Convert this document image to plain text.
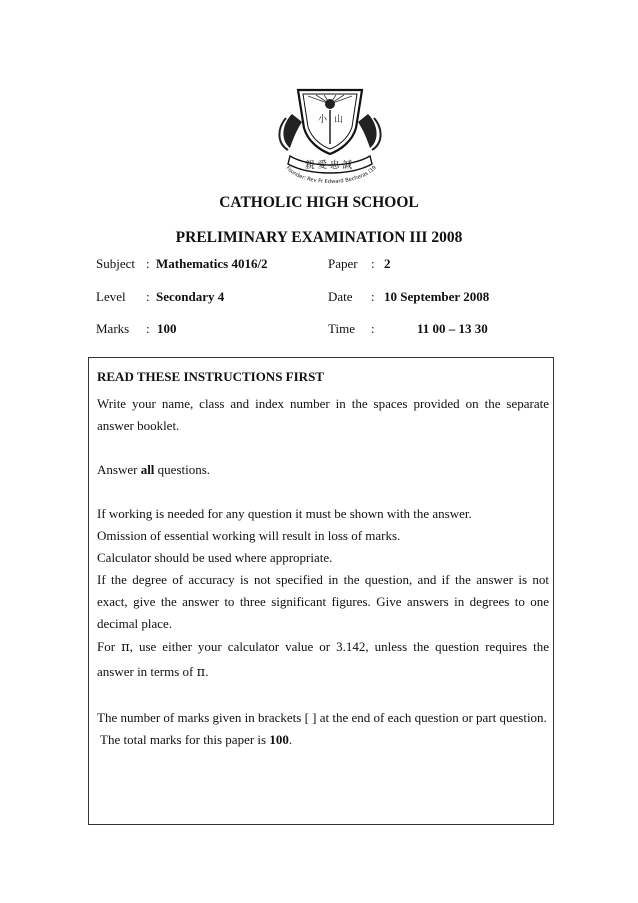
小 山
親愛忠誠
Founder: Rev Fr Edward Becheras (19
CATHOLIC HIGH SCHOOL
PRELIMINARY EXAMINATION III 2008
Subject : Mathematics 4016/2	Paper : 2
Level : Secondary 4	Date : 10 September 2008
Marks : 100	Time :	11 00 – 13 30

READ THESE INSTRUCTIONS FIRST

Write your name, class and index number in the spaces provided on the separate answer booklet.

Answer all questions.

If working is needed for any question it must be shown with the answer.

Omission of essential working will result in loss of marks.

Calculator should be used where appropriate.

If the degree of accuracy is not specified in the question, and if the answer is not exact, give the answer to three significant figures. Give answers in degrees to one decimal place.

For π, use either your calculator value or 3.142, unless the question requires the answer in terms of π.

The number of marks given in brackets [ ] at the end of each question or part question.

The total marks for this paper is 100.
